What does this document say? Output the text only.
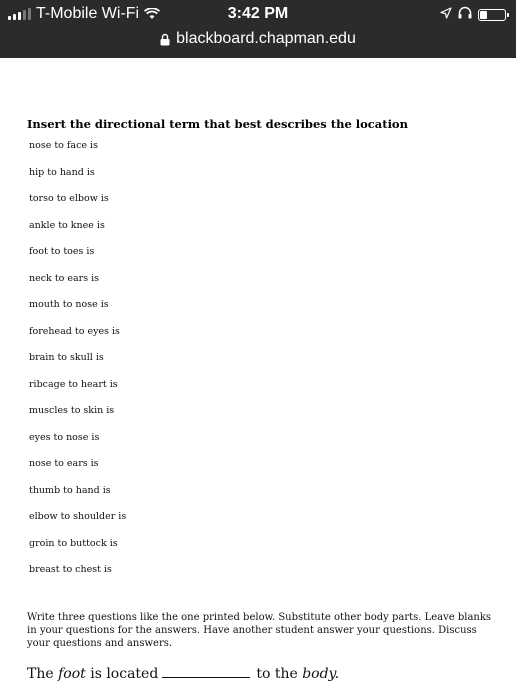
T-Mobile Wi-Fi	3:42 PM
blackboard.chapman.edu
Insert the directional term that best describes the location
nose to face is
hip to hand is
torso to elbow is
ankle to knee is
foot to toes is
neck to ears is
mouth to nose is
forehead to eyes is
brain to skull is
ribcage to heart is
muscles to skin is
eyes to nose is
nose to ears is
thumb to hand is
elbow to shoulder is
groin to buttock is
breast to chest is
Write three questions like the one printed below. Substitute other body parts. Leave blanks in your questions for the answers. Have another student answer your questions. Discuss your questions and answers.
The foot is located	to the body.
